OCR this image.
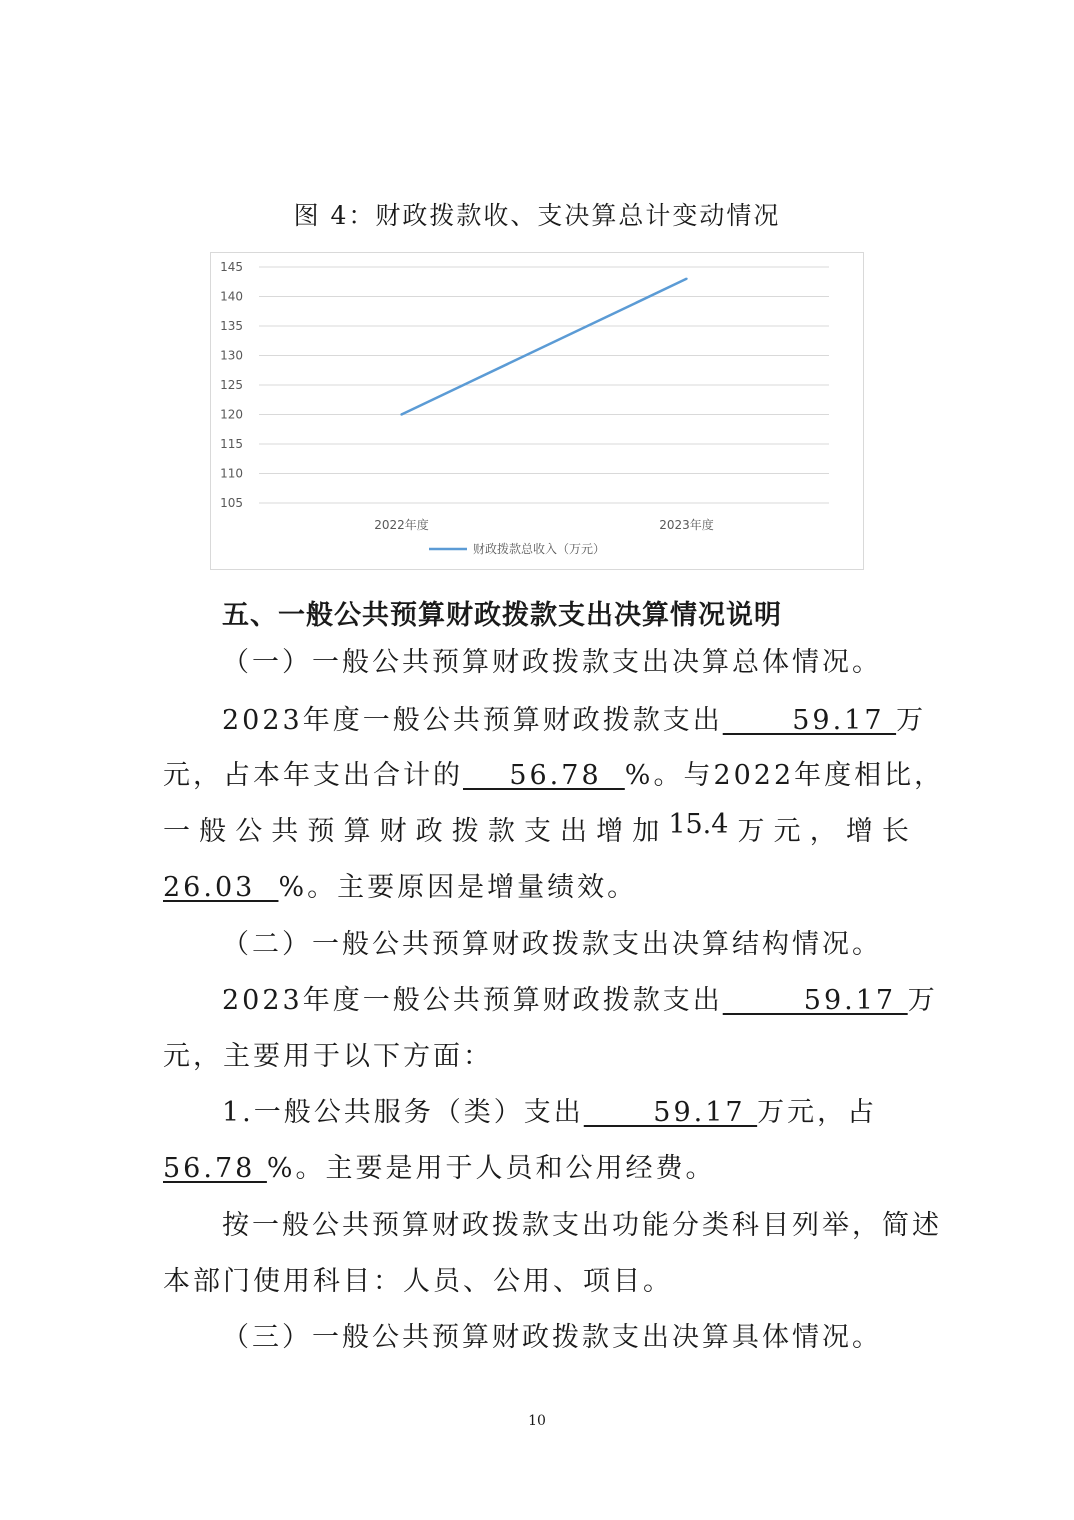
图 4：财政拨款收、支决算总计变动情况
105
110
115
120
125
130
135
140
145
2022年度	2023年度
财政拨款总收入（万元）
五、一般公共预算财政拨款支出决算情况说明
（一）一般公共预算财政拨款支出决算总体情况。
2023年度一般公共预算财政拨款支出      59.17 万
元，占本年支出合计的    56.78  %。与2022年度相比，
一 般 公 共 预 算 财 政 拨 款 支 出 增 加 15.4 万 元 ， 增 长
26.03  %。主要原因是增量绩效。
（二）一般公共预算财政拨款支出决算结构情况。
2023年度一般公共预算财政拨款支出       59.17 万
元，主要用于以下方面：
1.一般公共服务（类）支出      59.17 万元，占
56.78 %。主要是用于人员和公用经费。
按一般公共预算财政拨款支出功能分类科目列举，简述
本部门使用科目：人员、公用、项目。
（三）一般公共预算财政拨款支出决算具体情况。
10
